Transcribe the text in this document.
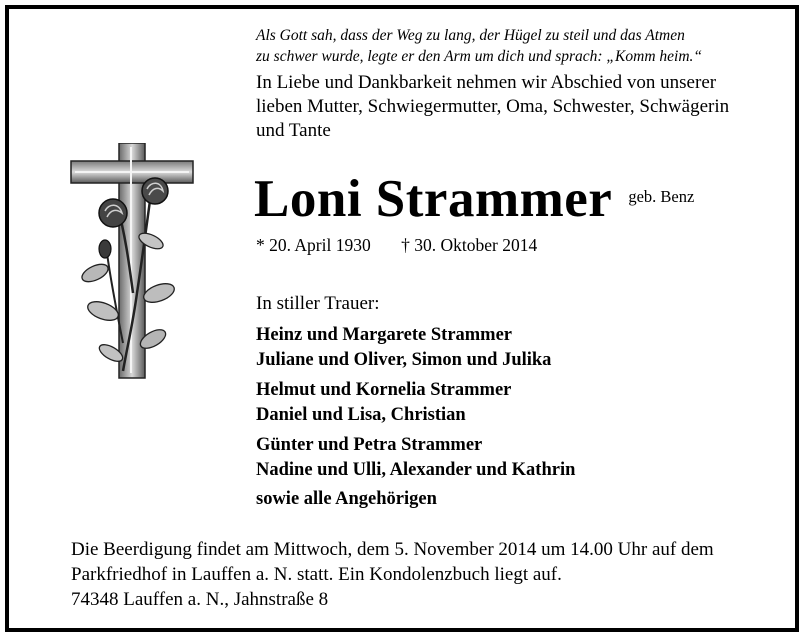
Als Gott sah, dass der Weg zu lang, der Hügel zu steil und das Atmen
zu schwer wurde, legte er den Arm um dich und sprach: „Komm heim.“
In Liebe und Dankbarkeit nehmen wir Abschied von unserer
lieben Mutter, Schwiegermutter, Oma, Schwester, Schwägerin
und Tante
Loni Strammer geb. Benz
* 20. April 1930 † 30. Oktober 2014
In stiller Trauer:
Heinz und Margarete Strammer
Juliane und Oliver, Simon und Julika
Helmut und Kornelia Strammer
Daniel und Lisa, Christian
Günter und Petra Strammer
Nadine und Ulli, Alexander und Kathrin
sowie alle Angehörigen
Die Beerdigung findet am Mittwoch, dem 5. November 2014 um 14.00 Uhr auf dem
Parkfriedhof in Lauffen a. N. statt. Ein Kondolenzbuch liegt auf.
74348 Lauffen a. N., Jahnstraße 8
